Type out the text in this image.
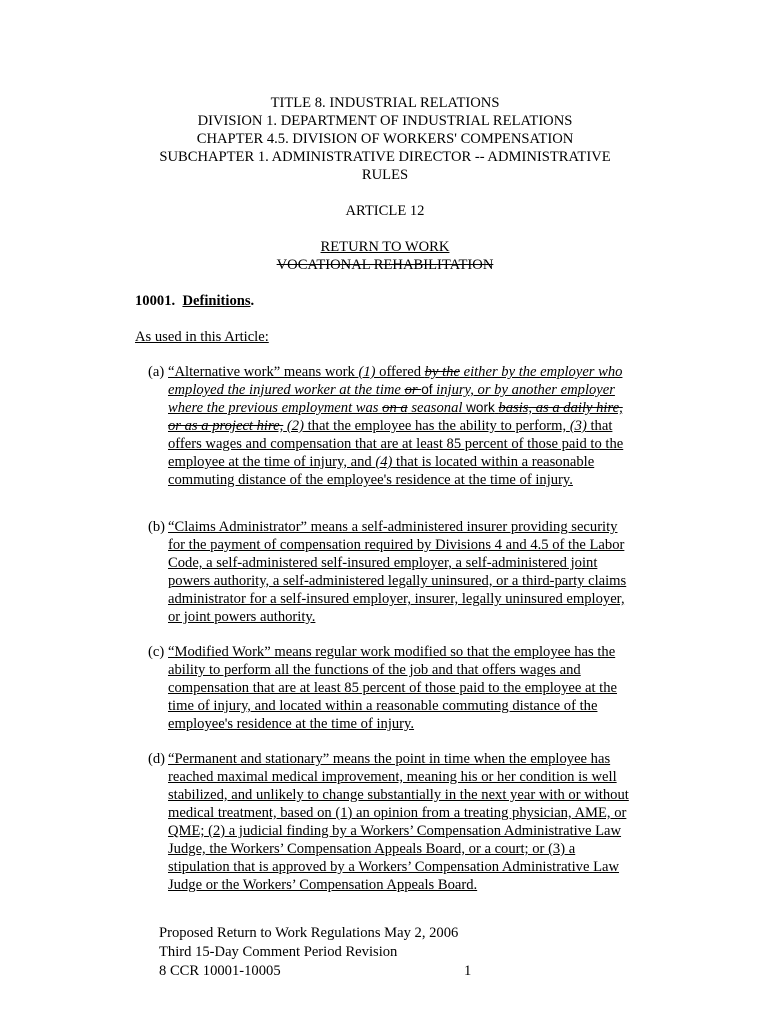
TITLE 8. INDUSTRIAL RELATIONS
DIVISION 1. DEPARTMENT OF INDUSTRIAL RELATIONS
CHAPTER 4.5. DIVISION OF WORKERS' COMPENSATION
SUBCHAPTER 1. ADMINISTRATIVE DIRECTOR -- ADMINISTRATIVE
RULES
ARTICLE 12
RETURN TO WORK
VOCATIONAL REHABILITATION
10001. Definitions.
As used in this Article:
(a) “Alternative work” means work (1) offered by the either by the employer who
employed the injured worker at the time or of injury, or by another employer
where the previous employment was on a seasonal work basis, as a daily hire,
or as a project hire, (2) that the employee has the ability to perform, (3) that
offers wages and compensation that are at least 85 percent of those paid to the
employee at the time of injury, and (4) that is located within a reasonable
commuting distance of the employee's residence at the time of injury.
(b) “Claims Administrator” means a self-administered insurer providing security
for the payment of compensation required by Divisions 4 and 4.5 of the Labor
Code, a self-administered self-insured employer, a self-administered joint
powers authority, a self-administered legally uninsured, or a third-party claims
administrator for a self-insured employer, insurer, legally uninsured employer,
or joint powers authority.
(c) “Modified Work” means regular work modified so that the employee has the
ability to perform all the functions of the job and that offers wages and
compensation that are at least 85 percent of those paid to the employee at the
time of injury, and located within a reasonable commuting distance of the
employee's residence at the time of injury.
(d) “Permanent and stationary” means the point in time when the employee has
reached maximal medical improvement, meaning his or her condition is well
stabilized, and unlikely to change substantially in the next year with or without
medical treatment, based on (1) an opinion from a treating physician, AME, or
QME; (2) a judicial finding by a Workers’ Compensation Administrative Law
Judge, the Workers’ Compensation Appeals Board, or a court; or (3) a
stipulation that is approved by a Workers’ Compensation Administrative Law
Judge or the Workers’ Compensation Appeals Board.
Proposed Return to Work Regulations May 2, 2006
Third 15-Day Comment Period Revision
8 CCR 10001-10005	1
